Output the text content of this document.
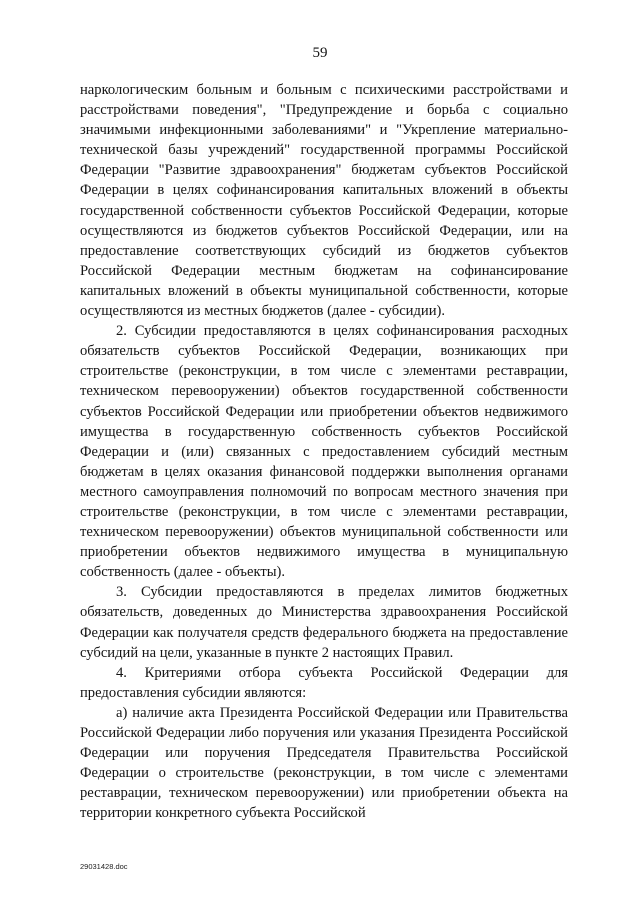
59

наркологическим больным и больным с психическими расстройствами и расстройствами поведения", "Предупреждение и борьба с социально значимыми инфекционными заболеваниями" и "Укрепление материально-технической базы учреждений" государственной программы Российской Федерации "Развитие здравоохранения" бюджетам субъектов Российской Федерации в целях софинансирования капитальных вложений в объекты государственной собственности субъектов Российской Федерации, которые осуществляются из бюджетов субъектов Российской Федерации, или на предоставление соответствующих субсидий из бюджетов субъектов Российской Федерации местным бюджетам на софинансирование капитальных вложений в объекты муниципальной собственности, которые осуществляются из местных бюджетов (далее - субсидии).

2. Субсидии предоставляются в целях софинансирования расходных обязательств субъектов Российской Федерации, возникающих при строительстве (реконструкции, в том числе с элементами реставрации, техническом перевооружении) объектов государственной собственности субъектов Российской Федерации или приобретении объектов недвижимого имущества в государственную собственность субъектов Российской Федерации и (или) связанных с предоставлением субсидий местным бюджетам в целях оказания финансовой поддержки выполнения органами местного самоуправления полномочий по вопросам местного значения при строительстве (реконструкции, в том числе с элементами реставрации, техническом перевооружении) объектов муниципальной собственности или приобретении объектов недвижимого имущества в муниципальную собственность (далее - объекты).

3. Субсидии предоставляются в пределах лимитов бюджетных обязательств, доведенных до Министерства здравоохранения Российской Федерации как получателя средств федерального бюджета на предоставление субсидий на цели, указанные в пункте 2 настоящих Правил.

4. Критериями отбора субъекта Российской Федерации для предоставления субсидии являются:

а) наличие акта Президента Российской Федерации или Правительства Российской Федерации либо поручения или указания Президента Российской Федерации или поручения Председателя Правительства Российской Федерации о строительстве (реконструкции, в том числе с элементами реставрации, техническом перевооружении) или приобретении объекта на территории конкретного субъекта Российской

29031428.doc
